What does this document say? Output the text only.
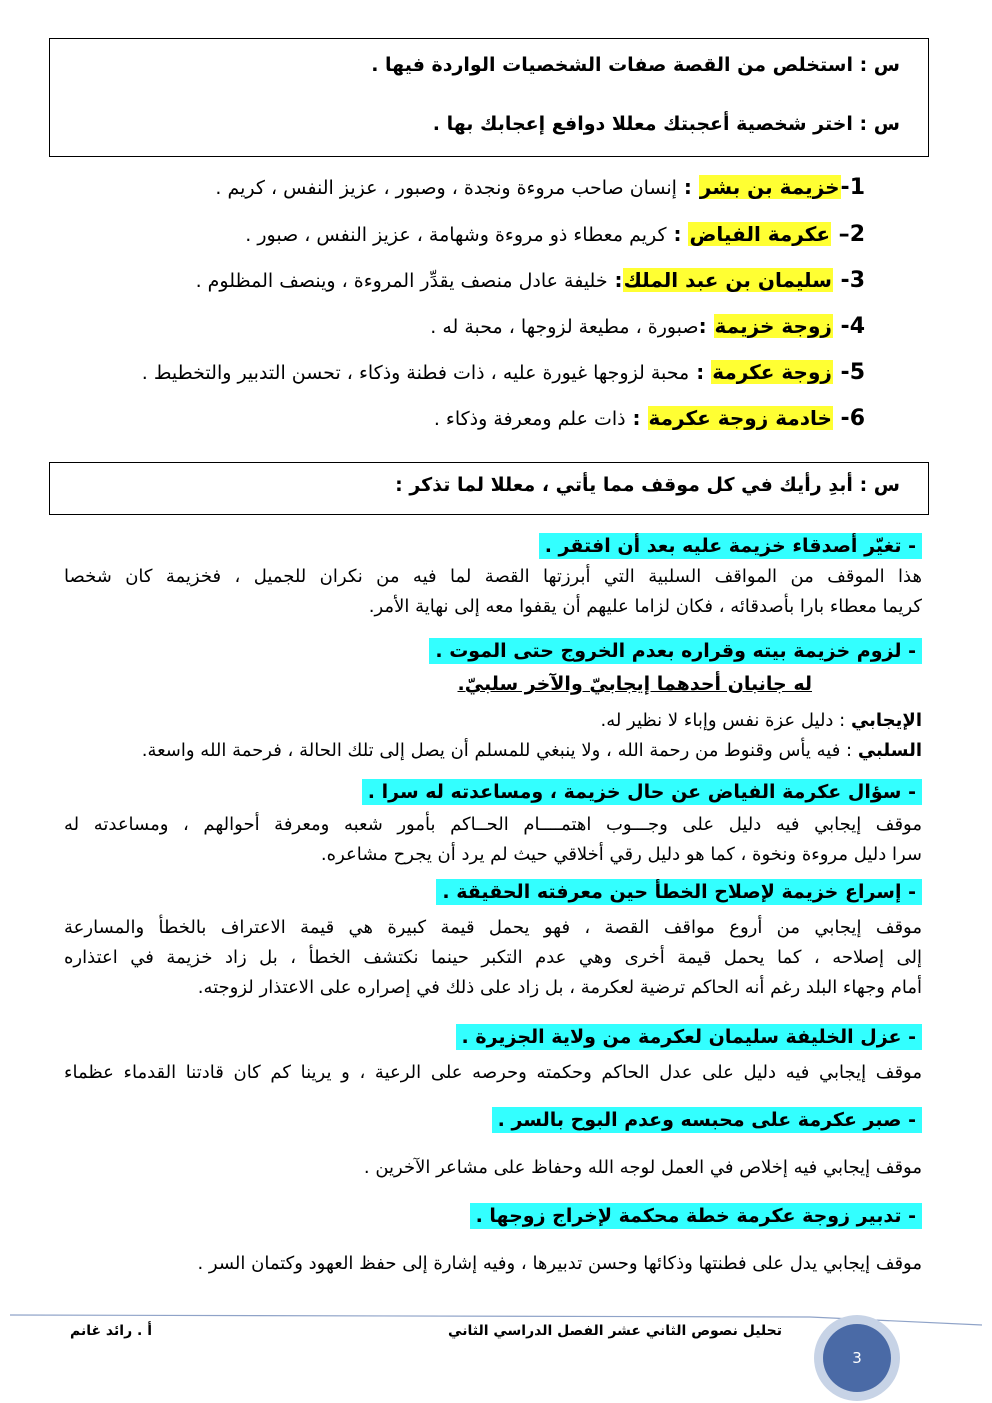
س : استخلص من القصة صفات الشخصيات الواردة فيها .
س : اختر شخصية أعجبتك معللا دوافع إعجابك بها .
1-خزيمة بن بشر : إنسان صاحب مروءة ونجدة ، وصبور ، عزيز النفس ، كريم .
2– عكرمة الفياض : كريم معطاء ذو مروءة وشهامة ، عزيز النفس ، صبور .
3- سليمان بن عبد الملك: خليفة عادل منصف يقدِّر المروءة ، وينصف المظلوم .
4- زوجة خزيمة :صبورة ، مطيعة لزوجها ، محبة له .
5- زوجة عكرمة : محبة لزوجها غيورة عليه ، ذات فطنة وذكاء ، تحسن التدبير والتخطيط .
6- خادمة زوجة عكرمة : ذات علم ومعرفة وذكاء .
س : أبدِ رأيك في كل موقف مما يأتي ، معللا لما تذكر :
- تغيّر أصدقاء خزيمة عليه بعد أن افتقر .
هذا الموقف من المواقف السلبية التي أبرزتها القصة لما فيه من نكران للجميل ، فخزيمة كان شخصا
كريما معطاء بارا بأصدقائه ، فكان لزاما عليهم أن يقفوا معه إلى نهاية الأمر.
- لزوم خزيمة بيته وقراره بعدم الخروج حتى الموت .
له جانبان أحدهما إيجابيّ والآخر سلبيّ.
الإيجابي : دليل عزة نفس وإباء لا نظير له.
السلبي : فيه يأس وقنوط من رحمة الله ، ولا ينبغي للمسلم أن يصل إلى تلك الحالة ، فرحمة الله واسعة.
- سؤال عكرمة الفياض عن حال خزيمة ، ومساعدته له سرا .
موقف إيجابي فيه دليل على وجـــوب اهتمــــام الحــاكم بأمور شعبه ومعرفة أحوالهم ، ومساعدته له
سرا دليل مروءة ونخوة ، كما هو دليل رقي أخلاقي حيث لم يرد أن يجرح مشاعره.
- إسراع خزيمة لإصلاح الخطأ حين معرفته الحقيقة .
موقف إيجابي من أروع مواقف القصة ، فهو يحمل قيمة كبيرة هي قيمة الاعتراف بالخطأ والمسارعة
إلى إصلاحه ، كما يحمل قيمة أخرى وهي عدم التكبر حينما نكتشف الخطأ ، بل زاد خزيمة في اعتذاره
أمام وجهاء البلد رغم أنه الحاكم ترضية لعكرمة ، بل زاد على ذلك في إصراره على الاعتذار لزوجته.
- عزل الخليفة سليمان لعكرمة من ولاية الجزيرة .
موقف إيجابي فيه دليل على عدل الحاكم وحكمته وحرصه على الرعية ، و يرينا كم كان قادتنا القدماء عظماء
- صبر عكرمة على محبسه وعدم البوح بالسر .
موقف إيجابي فيه إخلاص في العمل لوجه الله وحفاظ على مشاعر الآخرين .
- تدبير زوجة عكرمة خطة محكمة لإخراج زوجها .
موقف إيجابي يدل على فطنتها وذكائها وحسن تدبيرها ، وفيه إشارة إلى حفظ العهود وكتمان السر .
تحليل نصوص الثاني عشر الفصل الدراسي الثاني
أ . رائد غانم
3
